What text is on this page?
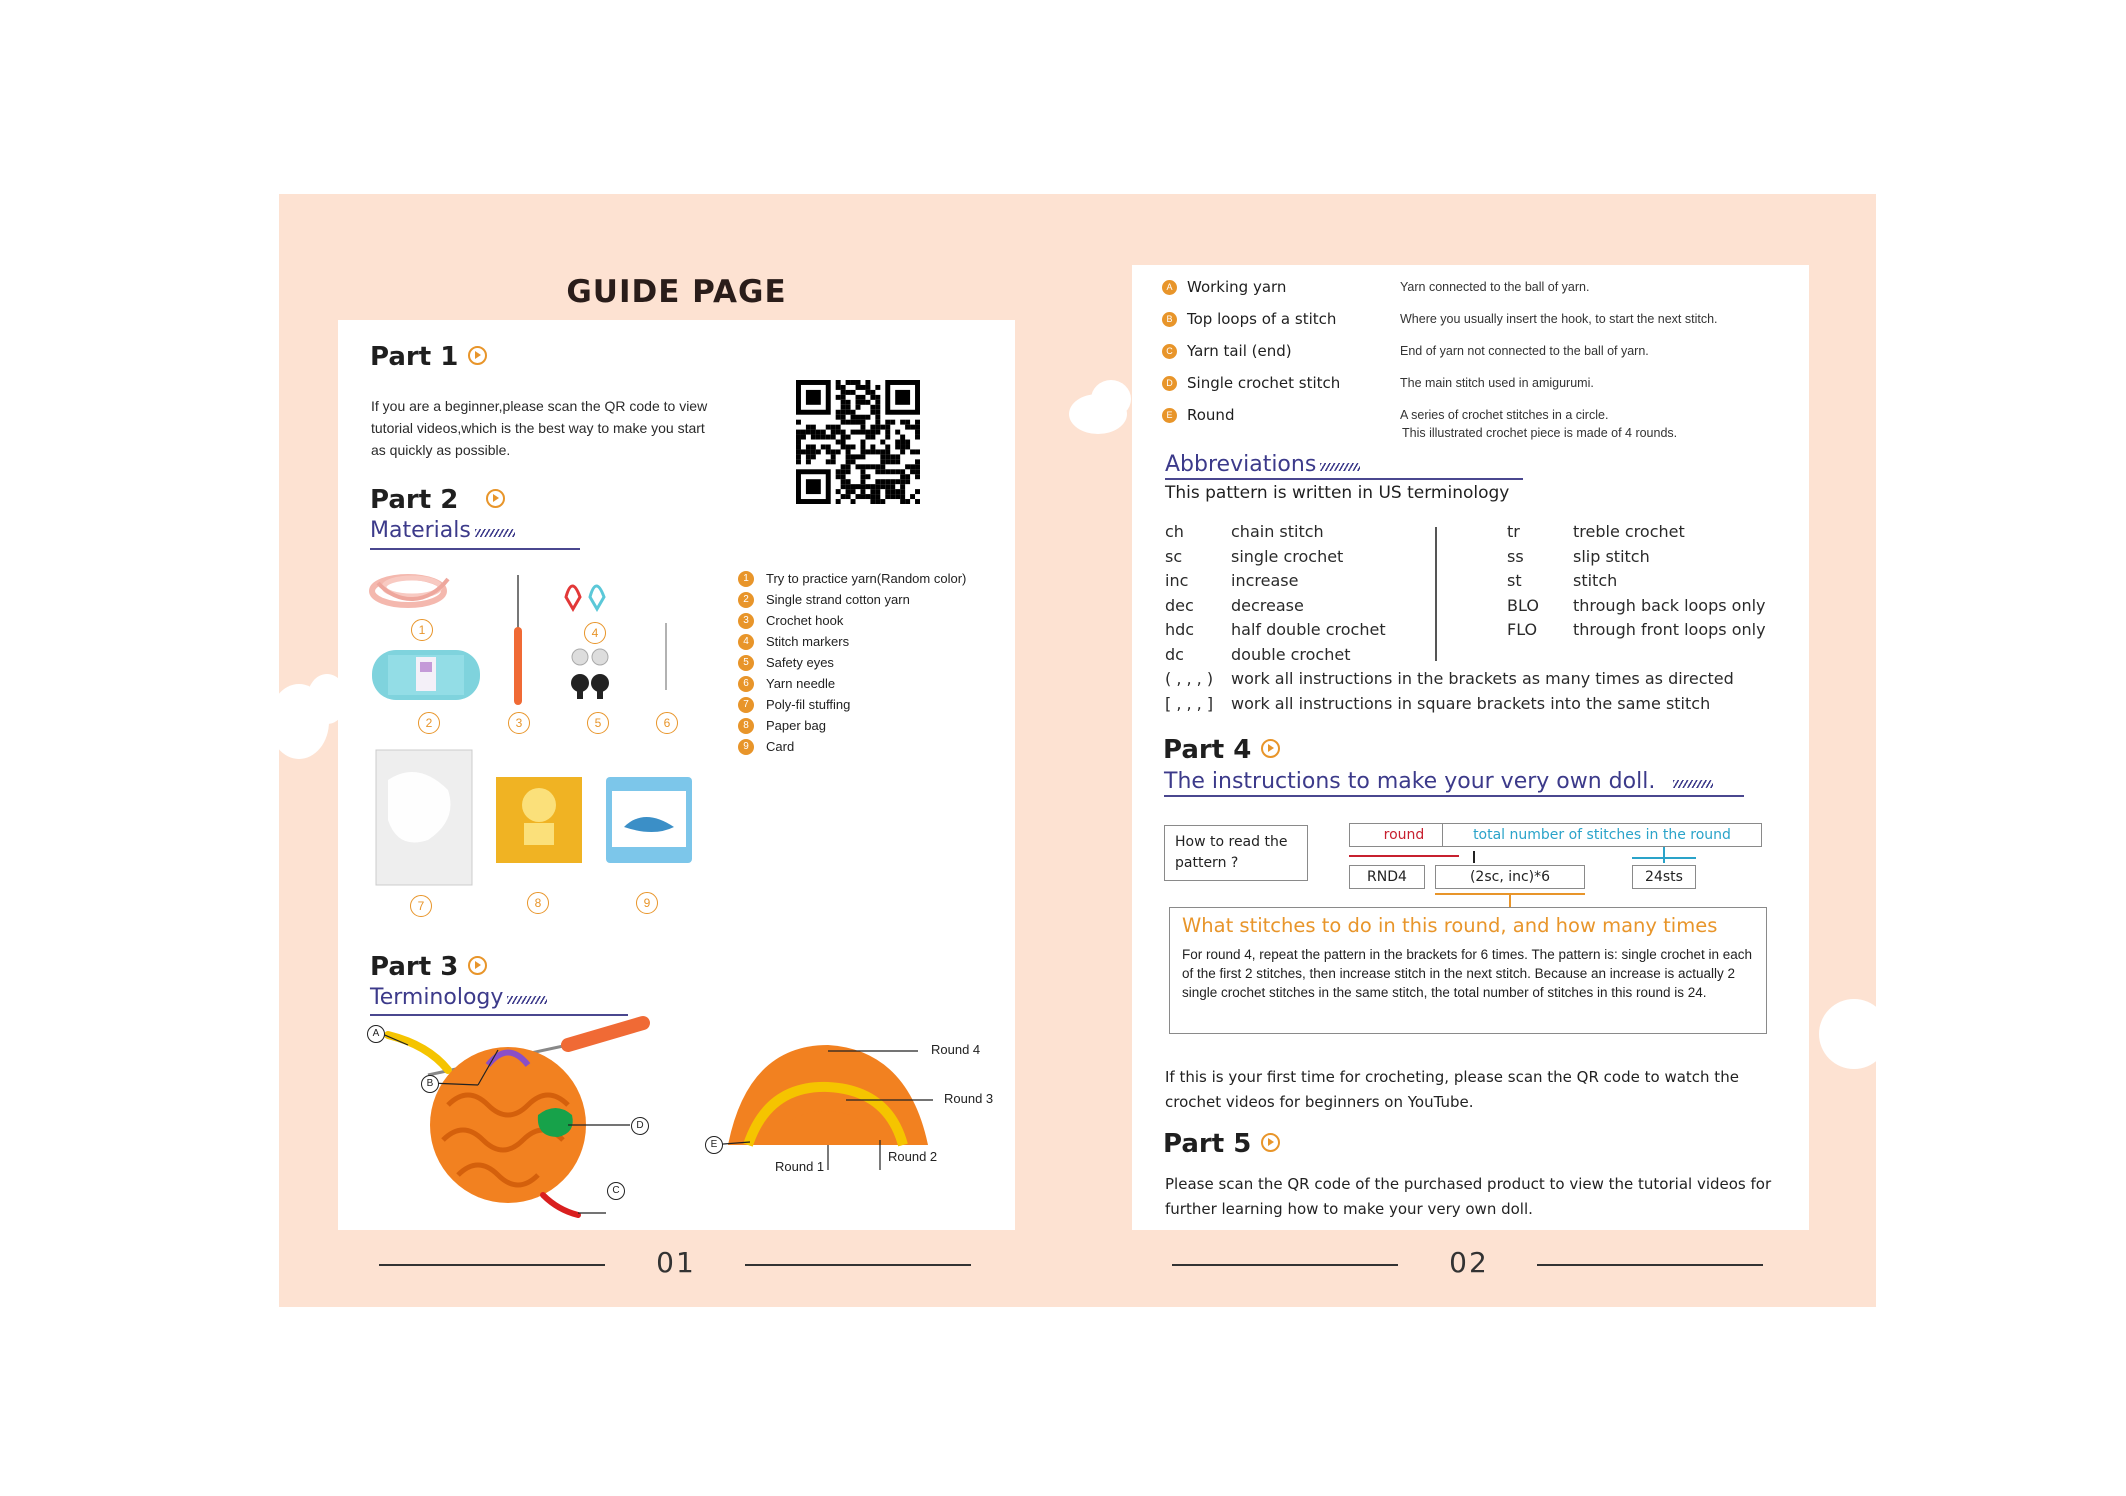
GUIDE PAGE
Part 1
If you are a beginner,please scan the QR code to view tutorial videos,which is the best way to make you start as quickly as possible.
Part 2
Materials
1
2	3
4
5	6
7	8	9
1	Try to practice yarn(Random color)
2	Single strand cotton yarn
3	Crochet hook
4	Stitch markers
5	Safety eyes
6	Yarn needle
7	Poly-fil stuffing
8	Paper bag
9	Card
Part 3
Terminology
A
B
C
D
E
Round 4
Round 3
Round 2
Round 1
A Working yarn	Yarn connected to the ball of yarn.
B Top loops of a stitch	Where you usually insert the hook, to start the next stitch.
C Yarn tail (end)	End of yarn not connected to the ball of yarn.
D Single crochet stitch	The main stitch used in amigurumi.
E Round	A series of crochet stitches in a circle.
This illustrated crochet piece is made of 4 rounds.
Abbreviations
This pattern is written in US terminology
ch	chain stitch
sc	single crochet
inc	increase
dec	decrease
hdc	half double crochet
dc	double crochet
( , , , )	work all instructions in the brackets as many times as directed
[ , , , ]	work all instructions in square brackets into the same stitch
tr	treble crochet
ss	slip stitch
st	stitch
BLO	through back loops only
FLO	through front loops only
Part 4
The instructions to make your very own doll.
How to read the pattern ?
round
RND4
total number of stitches in the round
24sts
(2sc, inc)*6
What stitches to do in this round, and how many times
For round 4, repeat the pattern in the brackets for 6 times. The pattern is: single crochet in each of the first 2 stitches, then increase stitch in the next stitch. Because an increase is actually 2 single crochet stitches in the same stitch, the total number of stitches in this round is 24.
If this is your first time for crocheting, please scan the QR code to watch the crochet videos for beginners on YouTube.
Part 5
Please scan the QR code of the purchased product to view the tutorial videos for further learning how to make your very own doll.
01	02
